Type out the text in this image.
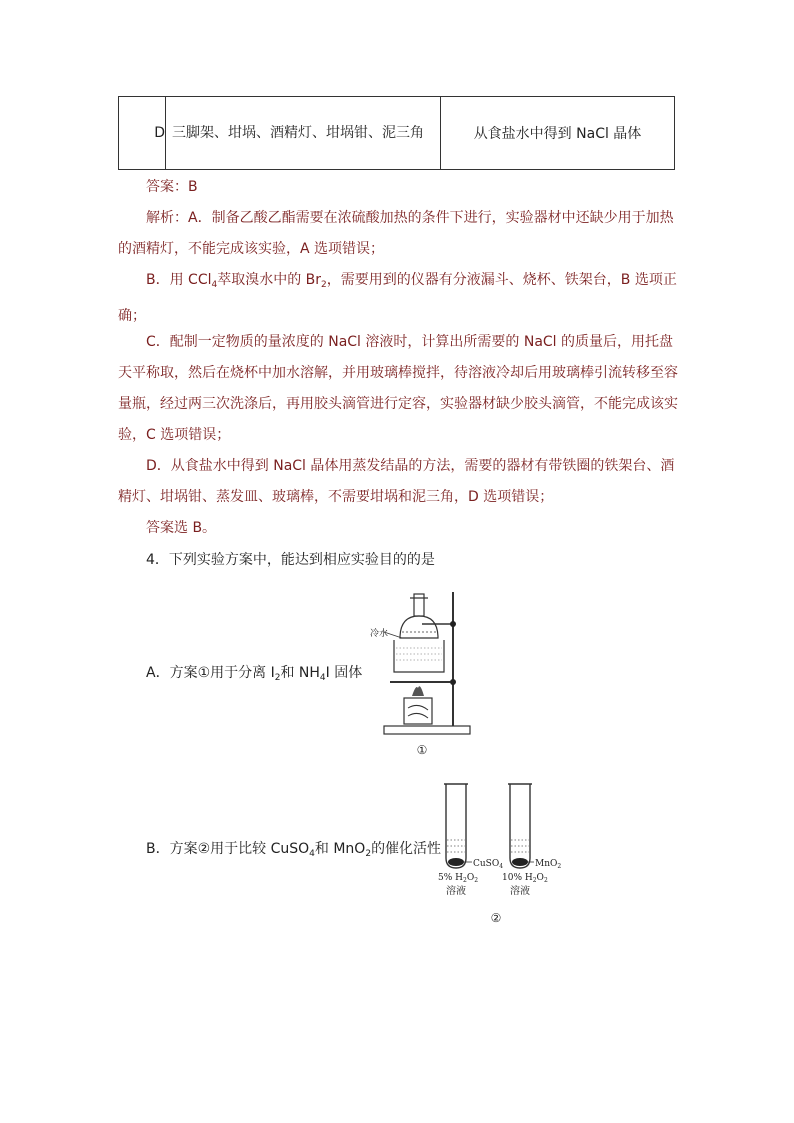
D	三脚架、坩埚、酒精灯、坩埚钳、泥三角	从食盐水中得到 NaCl 晶体
答案：B
解析：A．制备乙酸乙酯需要在浓硫酸加热的条件下进行，实验器材中还缺少用于加热的酒精灯，不能完成该实验，A 选项错误；
B．用 CCl$_4$萃取溴水中的 $Br_2$，需要用到的仪器有分液漏斗、烧杯、铁架台，B 选项正确；
C．配制一定物质的量浓度的 NaCl 溶液时，计算出所需要的 NaCl 的质量后，用托盘天平称取，然后在烧杯中加水溶解，并用玻璃棒搅拌，待溶液冷却后用玻璃棒引流转移至容量瓶，经过两三次洗涤后，再用胶头滴管进行定容，实验器材缺少胶头滴管，不能完成该实验，C 选项错误；
D．从食盐水中得到 NaCl 晶体用蒸发结晶的方法，需要的器材有带铁圈的铁架台、酒精灯、坩埚钳、蒸发皿、玻璃棒，不需要坩埚和泥三角，D 选项错误；
答案选 B。
4．下列实验方案中，能达到相应实验目的的是
A．方案①用于分离 $I_2$和 $NH_4I$ 固体
冷水
①
B．方案②用于比较 CuSO$_4$和 MnO$_2$的催化活性
CuSO$_4$
5% $H_2O_2$
溶液
MnO$_2$
10% $H_2O_2$
溶液
②
